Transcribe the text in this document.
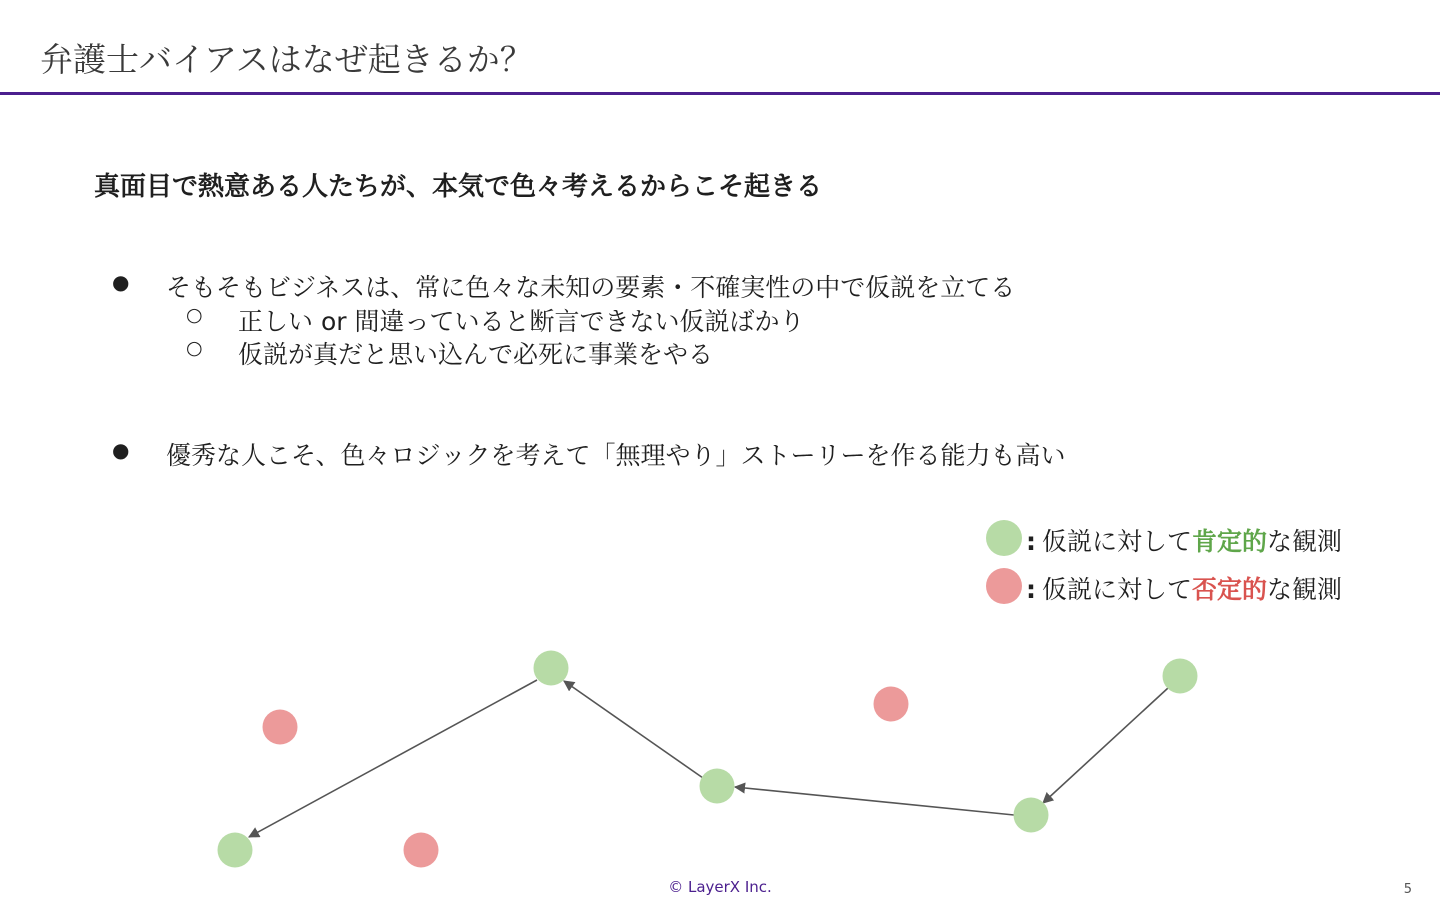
弁護士バイアスはなぜ起きるか？
真面目で熱意ある人たちが、本気で色々考えるからこそ起きる
● そもそもビジネスは、常に色々な未知の要素・不確実性の中で仮説を立てる
○ 正しい or 間違っていると断言できない仮説ばかり
○ 仮説が真だと思い込んで必死に事業をやる
● 優秀な人こそ、色々ロジックを考えて「無理やり」ストーリーを作る能力も高い
: 仮説に対して肯定的な観測
: 仮説に対して否定的な観測
© LayerX Inc.	5
